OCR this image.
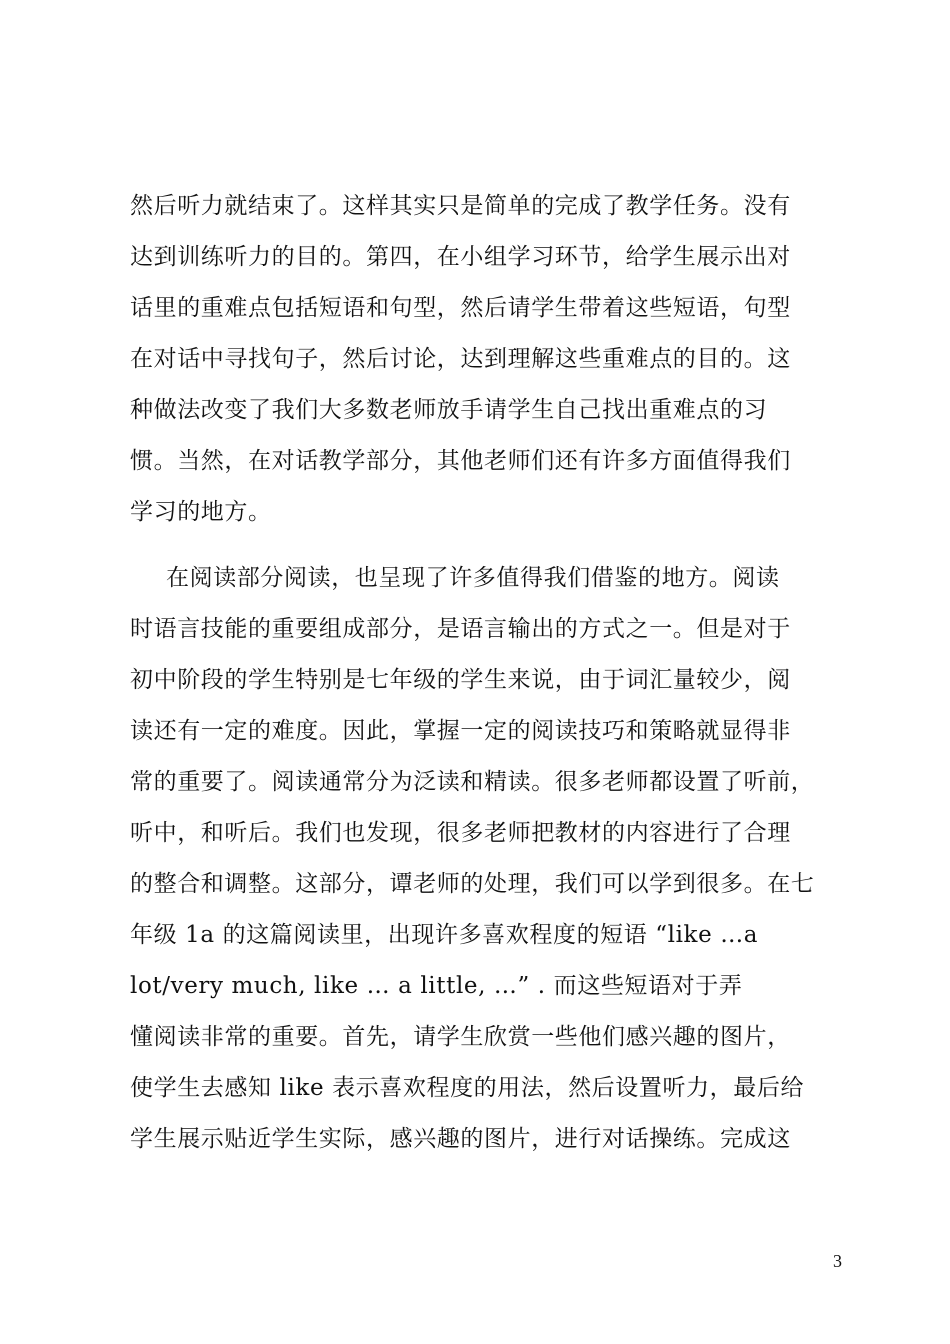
然后听力就结束了。这样其实只是简单的完成了教学任务。没有
达到训练听力的目的。第四，在小组学习环节，给学生展示出对
话里的重难点包括短语和句型，然后请学生带着这些短语，句型
在对话中寻找句子，然后讨论，达到理解这些重难点的目的。这
种做法改变了我们大多数老师放手请学生自己找出重难点的习
惯。当然，在对话教学部分，其他老师们还有许多方面值得我们
学习的地方。
在阅读部分阅读，也呈现了许多值得我们借鉴的地方。阅读
时语言技能的重要组成部分，是语言输出的方式之一。但是对于
初中阶段的学生特别是七年级的学生来说，由于词汇量较少，阅
读还有一定的难度。因此，掌握一定的阅读技巧和策略就显得非
常的重要了。阅读通常分为泛读和精读。很多老师都设置了听前，
听中，和听后。我们也发现，很多老师把教材的内容进行了合理
的整合和调整。这部分，谭老师的处理，我们可以学到很多。在七
年级 1a 的这篇阅读里，出现许多喜欢程度的短语 “like …a
lot/very much, like … a little, …” . 而这些短语对于弄
懂阅读非常的重要。首先，请学生欣赏一些他们感兴趣的图片，
使学生去感知 like 表示喜欢程度的用法，然后设置听力，最后给
学生展示贴近学生实际，感兴趣的图片，进行对话操练。完成这
3
